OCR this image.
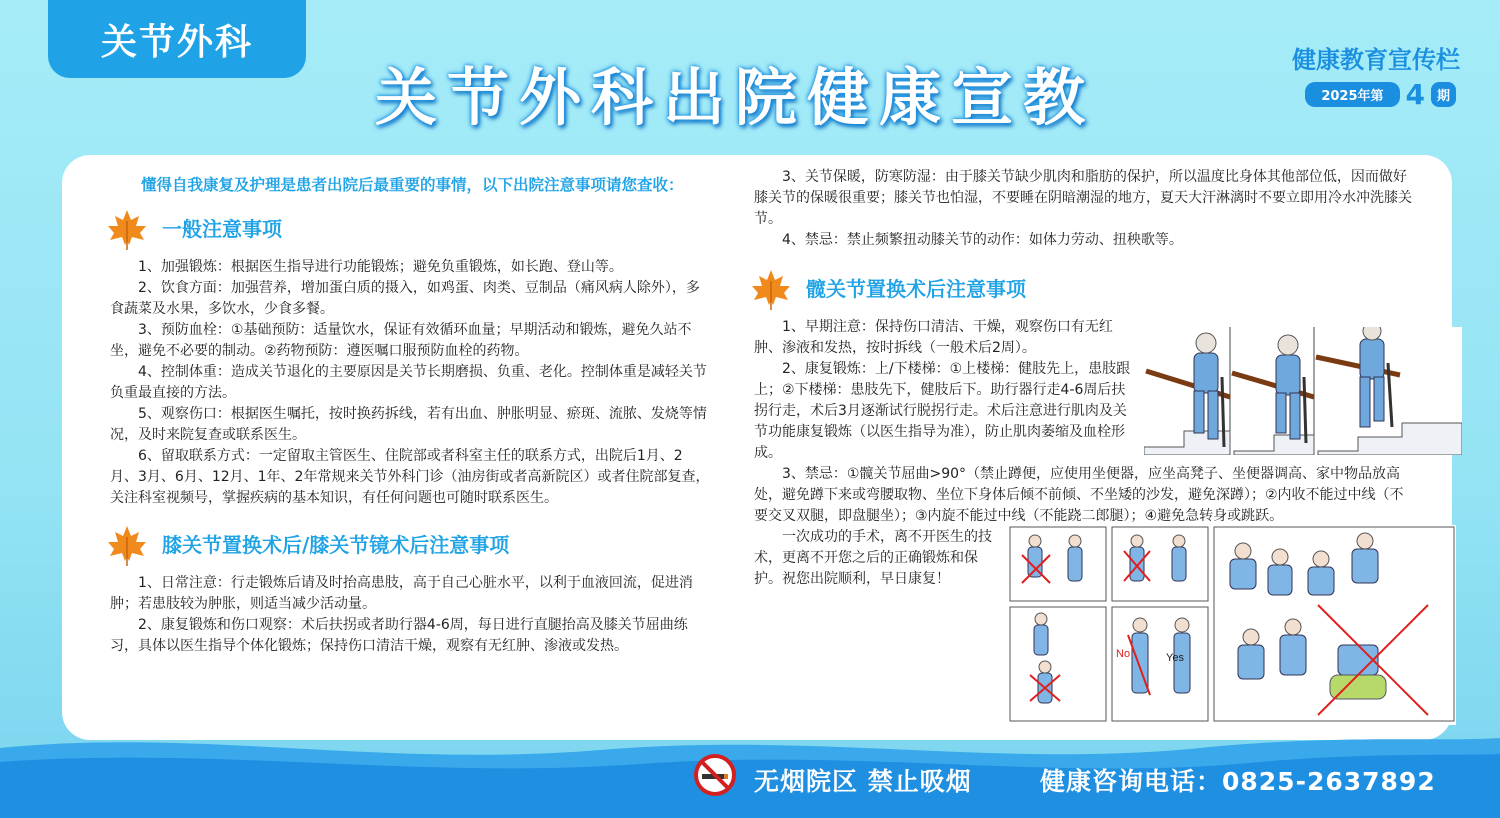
关节外科
关节外科出院健康宣教
健康教育宣传栏
2025年第 4 期

懂得自我康复及护理是患者出院后最重要的事情，以下出院注意事项请您查收：

一般注意事项

1、加强锻炼：根据医生指导进行功能锻炼；避免负重锻炼，如长跑、登山等。

2、饮食方面：加强营养，增加蛋白质的摄入，如鸡蛋、肉类、豆制品（痛风病人除外），多食蔬菜及水果，多饮水，少食多餐。

3、预防血栓：①基础预防：适量饮水，保证有效循环血量；早期活动和锻炼，避免久站不坐，避免不必要的制动。②药物预防：遵医嘱口服预防血栓的药物。

4、控制体重：造成关节退化的主要原因是关节长期磨损、负重、老化。控制体重是减轻关节负重最直接的方法。

5、观察伤口：根据医生嘱托，按时换药拆线，若有出血、肿胀明显、瘀斑、流脓、发烧等情况，及时来院复查或联系医生。

6、留取联系方式：一定留取主管医生、住院部或者科室主任的联系方式，出院后1月、2月、3月、6月、12月、1年、2年常规来关节外科门诊（油房街或者高新院区）或者住院部复查，关注科室视频号，掌握疾病的基本知识，有任何问题也可随时联系医生。

膝关节置换术后/膝关节镜术后注意事项

1、日常注意：行走锻炼后请及时抬高患肢，高于自己心脏水平，以利于血液回流，促进消肿；若患肢较为肿胀，则适当减少活动量。

2、康复锻炼和伤口观察：术后扶拐或者助行器4-6周，每日进行直腿抬高及膝关节屈曲练习，具体以医生指导个体化锻炼；保持伤口清洁干燥，观察有无红肿、渗液或发热。

3、关节保暖，防寒防湿：由于膝关节缺少肌肉和脂肪的保护，所以温度比身体其他部位低，因而做好膝关节的保暖很重要；膝关节也怕湿，不要睡在阴暗潮湿的地方，夏天大汗淋漓时不要立即用冷水冲洗膝关节。

4、禁忌：禁止频繁扭动膝关节的动作：如体力劳动、扭秧歌等。

髋关节置换术后注意事项

1、早期注意：保持伤口清洁、干燥，观察伤口有无红肿、渗液和发热，按时拆线（一般术后2周）。

2、康复锻炼：上/下楼梯：①上楼梯：健肢先上，患肢跟上；②下楼梯：患肢先下，健肢后下。助行器行走4-6周后扶拐行走，术后3月逐渐试行脱拐行走。术后注意进行肌肉及关节功能康复锻炼（以医生指导为准），防止肌肉萎缩及血栓形成。

3、禁忌：①髋关节屈曲>90°（禁止蹲便，应使用坐便器，应坐高凳子、坐便器调高、家中物品放高处，避免蹲下来或弯腰取物、坐位下身体后倾不前倾、不坐矮的沙发，避免深蹲）；②内收不能过中线（不要交叉双腿，即盘腿坐）；③内旋不能过中线（不能跷二郎腿）；④避免急转身或跳跃。

一次成功的手术，离不开医生的技术，更离不开您之后的正确锻炼和保护。祝您出院顺利，早日康复！

No	Yes
无烟院区 禁止吸烟	健康咨询电话：0825-2637892
